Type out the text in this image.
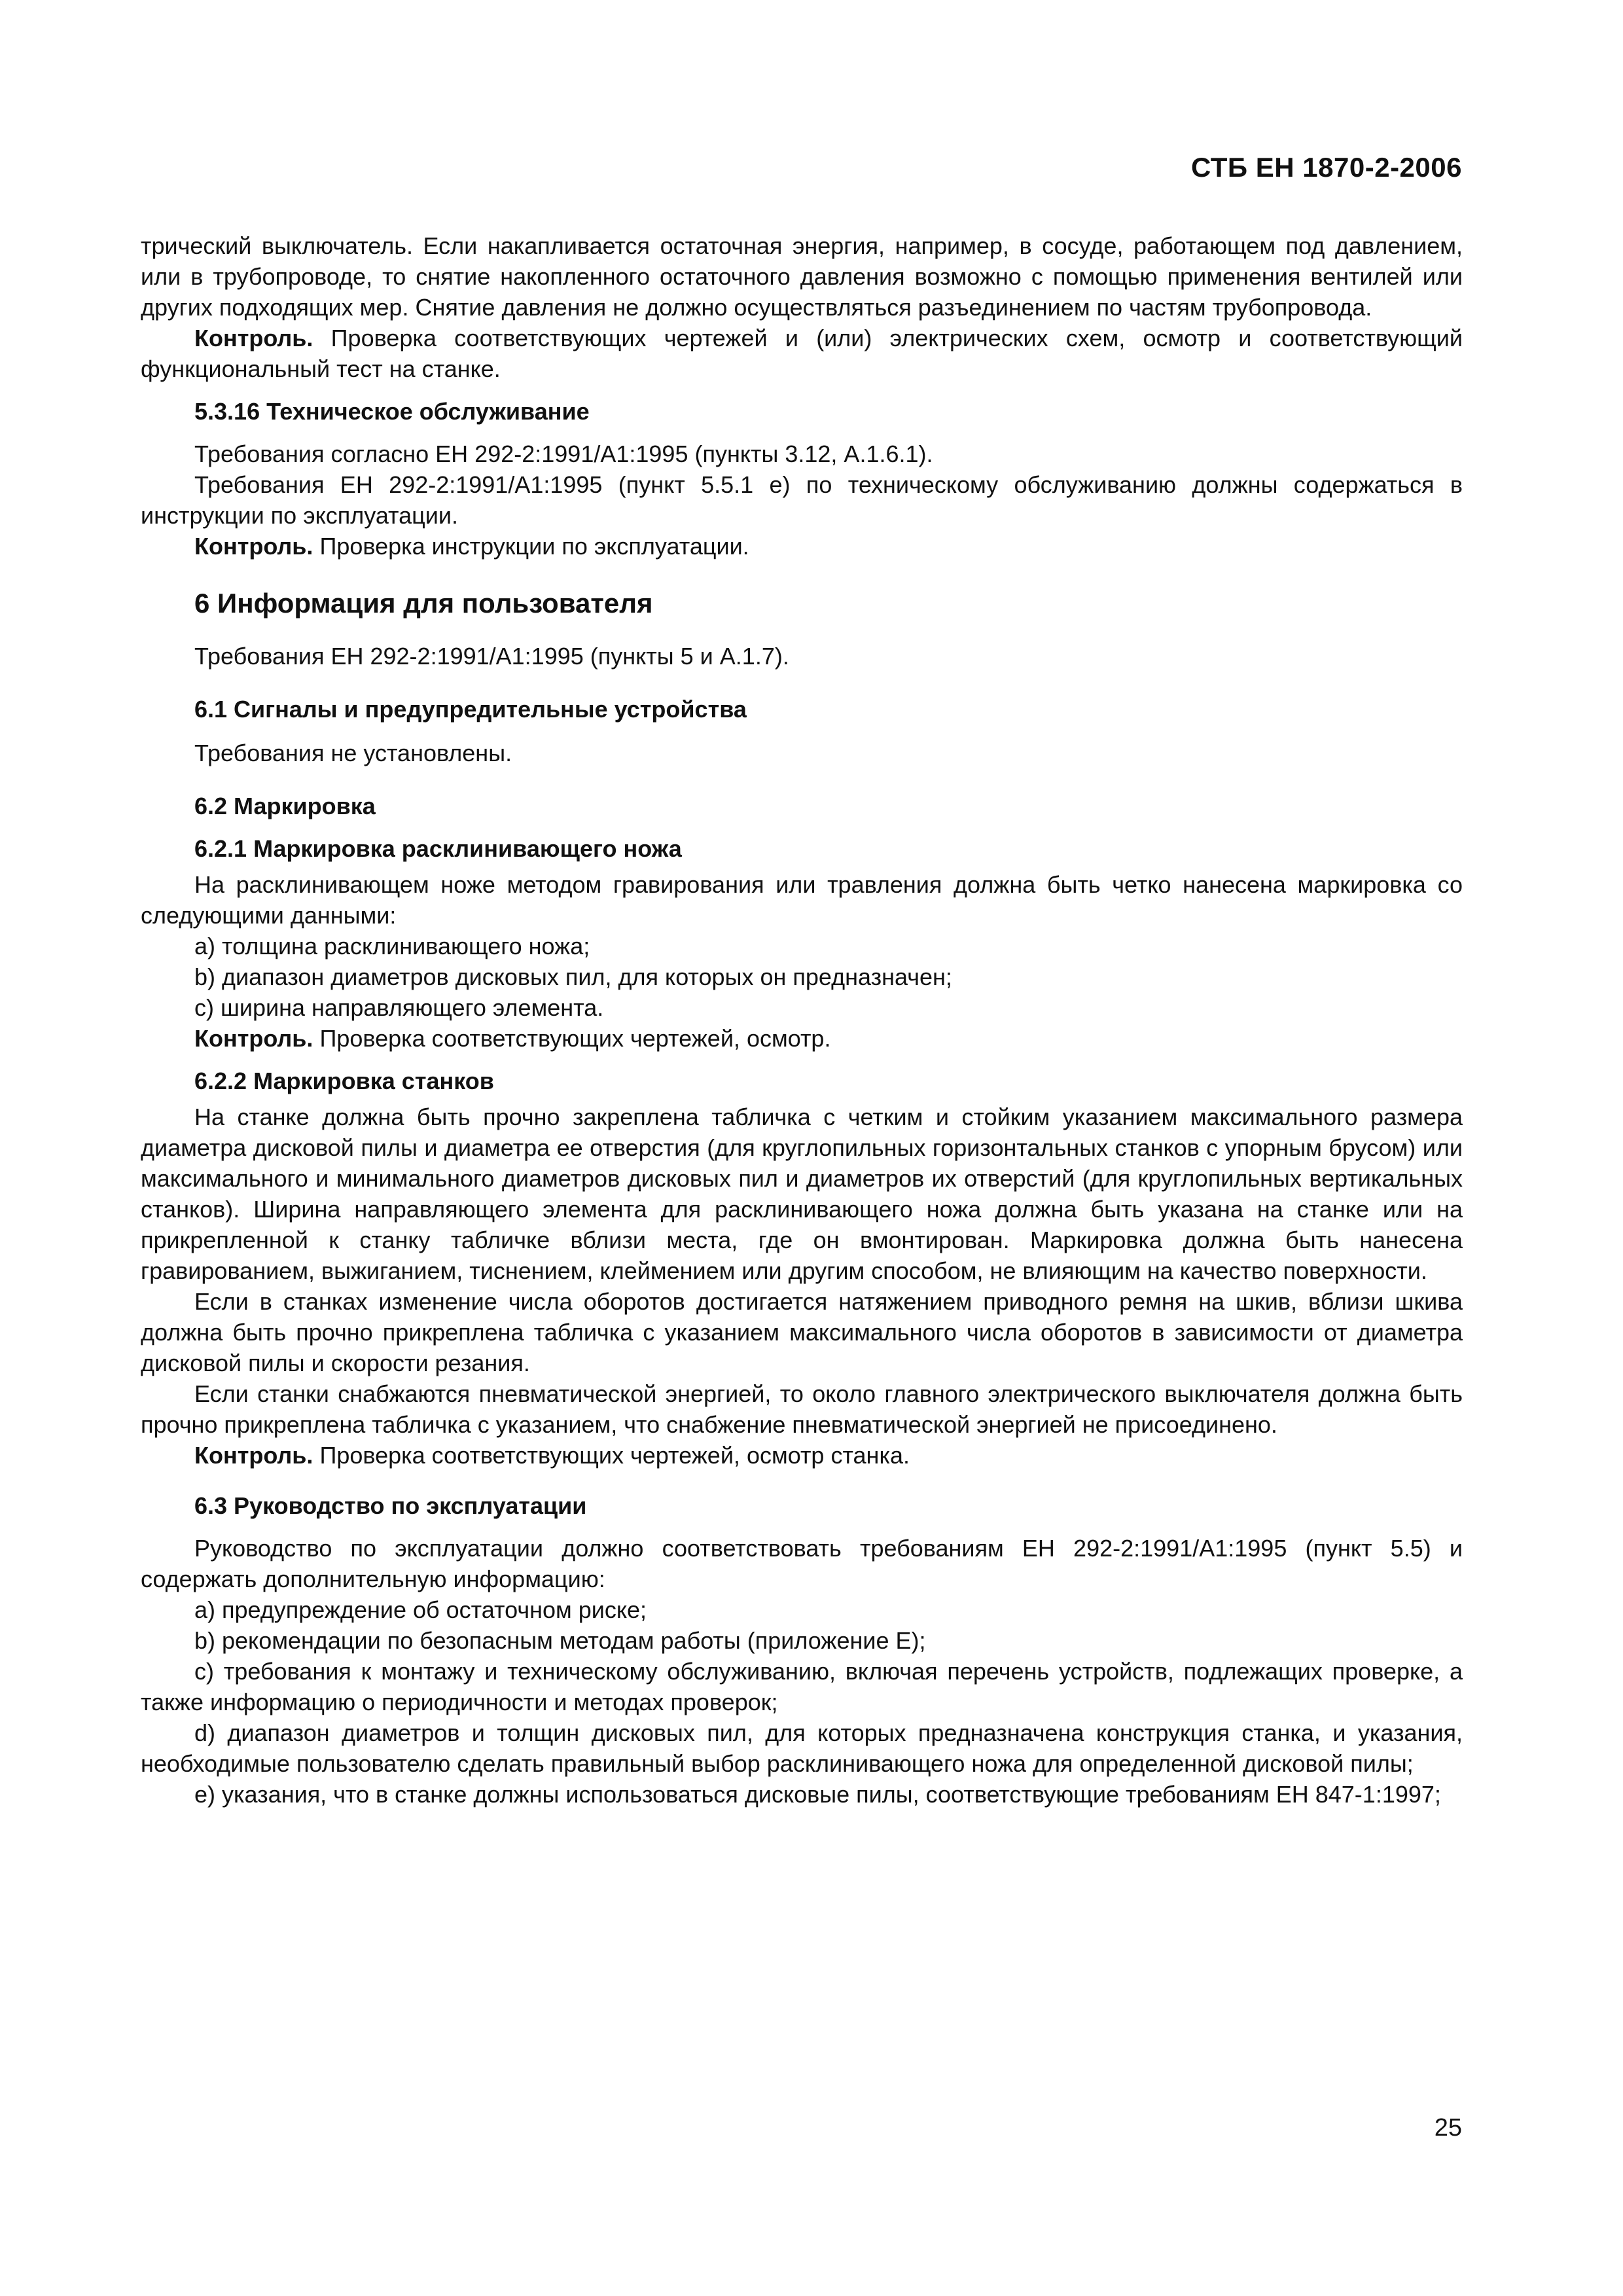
СТБ ЕН 1870-2-2006

трический выключатель. Если накапливается остаточная энергия, например, в сосуде, работающем под давлением, или в трубопроводе, то снятие накопленного остаточного давления возможно с помощью применения вентилей или других подходящих мер. Снятие давления не должно осуществляться разъединением по частям трубопровода.

Контроль. Проверка соответствующих чертежей и (или) электрических схем, осмотр и соответствующий функциональный тест на станке.

5.3.16 Техническое обслуживание

Требования согласно ЕН 292-2:1991/А1:1995 (пункты 3.12, А.1.6.1).

Требования ЕН 292-2:1991/А1:1995 (пункт 5.5.1 е) по техническому обслуживанию должны содержаться в инструкции по эксплуатации.

Контроль. Проверка инструкции по эксплуатации.

6 Информация для пользователя

Требования ЕН 292-2:1991/А1:1995 (пункты 5 и А.1.7).

6.1 Сигналы и предупредительные устройства

Требования не установлены.

6.2 Маркировка

6.2.1 Маркировка расклинивающего ножа

На расклинивающем ноже методом гравирования или травления должна быть четко нанесена маркировка со следующими данными:

a) толщина расклинивающего ножа;

b) диапазон диаметров дисковых пил, для которых он предназначен;

c) ширина направляющего элемента.

Контроль. Проверка соответствующих чертежей, осмотр.

6.2.2 Маркировка станков

На станке должна быть прочно закреплена табличка с четким и стойким указанием максимального размера диаметра дисковой пилы и диаметра ее отверстия (для круглопильных горизонтальных станков с упорным брусом) или максимального и минимального диаметров дисковых пил и диаметров их отверстий (для круглопильных вертикальных станков). Ширина направляющего элемента для расклинивающего ножа должна быть указана на станке или на прикрепленной к станку табличке вблизи места, где он вмонтирован. Маркировка должна быть нанесена гравированием, выжиганием, тиснением, клеймением или другим способом, не влияющим на качество поверхности.

Если в станках изменение числа оборотов достигается натяжением приводного ремня на шкив, вблизи шкива должна быть прочно прикреплена табличка с указанием максимального числа оборотов в зависимости от диаметра дисковой пилы и скорости резания.

Если станки снабжаются пневматической энергией, то около главного электрического выключателя должна быть прочно прикреплена табличка с указанием, что снабжение пневматической энергией не присоединено.

Контроль. Проверка соответствующих чертежей, осмотр станка.

6.3 Руководство по эксплуатации

Руководство по эксплуатации должно соответствовать требованиям ЕН 292-2:1991/А1:1995 (пункт 5.5) и содержать дополнительную информацию:

a) предупреждение об остаточном риске;

b) рекомендации по безопасным методам работы (приложение Е);

c) требования к монтажу и техническому обслуживанию, включая перечень устройств, подлежащих проверке, а также информацию о периодичности и методах проверок;

d) диапазон диаметров и толщин дисковых пил, для которых предназначена конструкция станка, и указания, необходимые пользователю сделать правильный выбор расклинивающего ножа для определенной дисковой пилы;

e) указания, что в станке должны использоваться дисковые пилы, соответствующие требованиям ЕН 847-1:1997;

25
